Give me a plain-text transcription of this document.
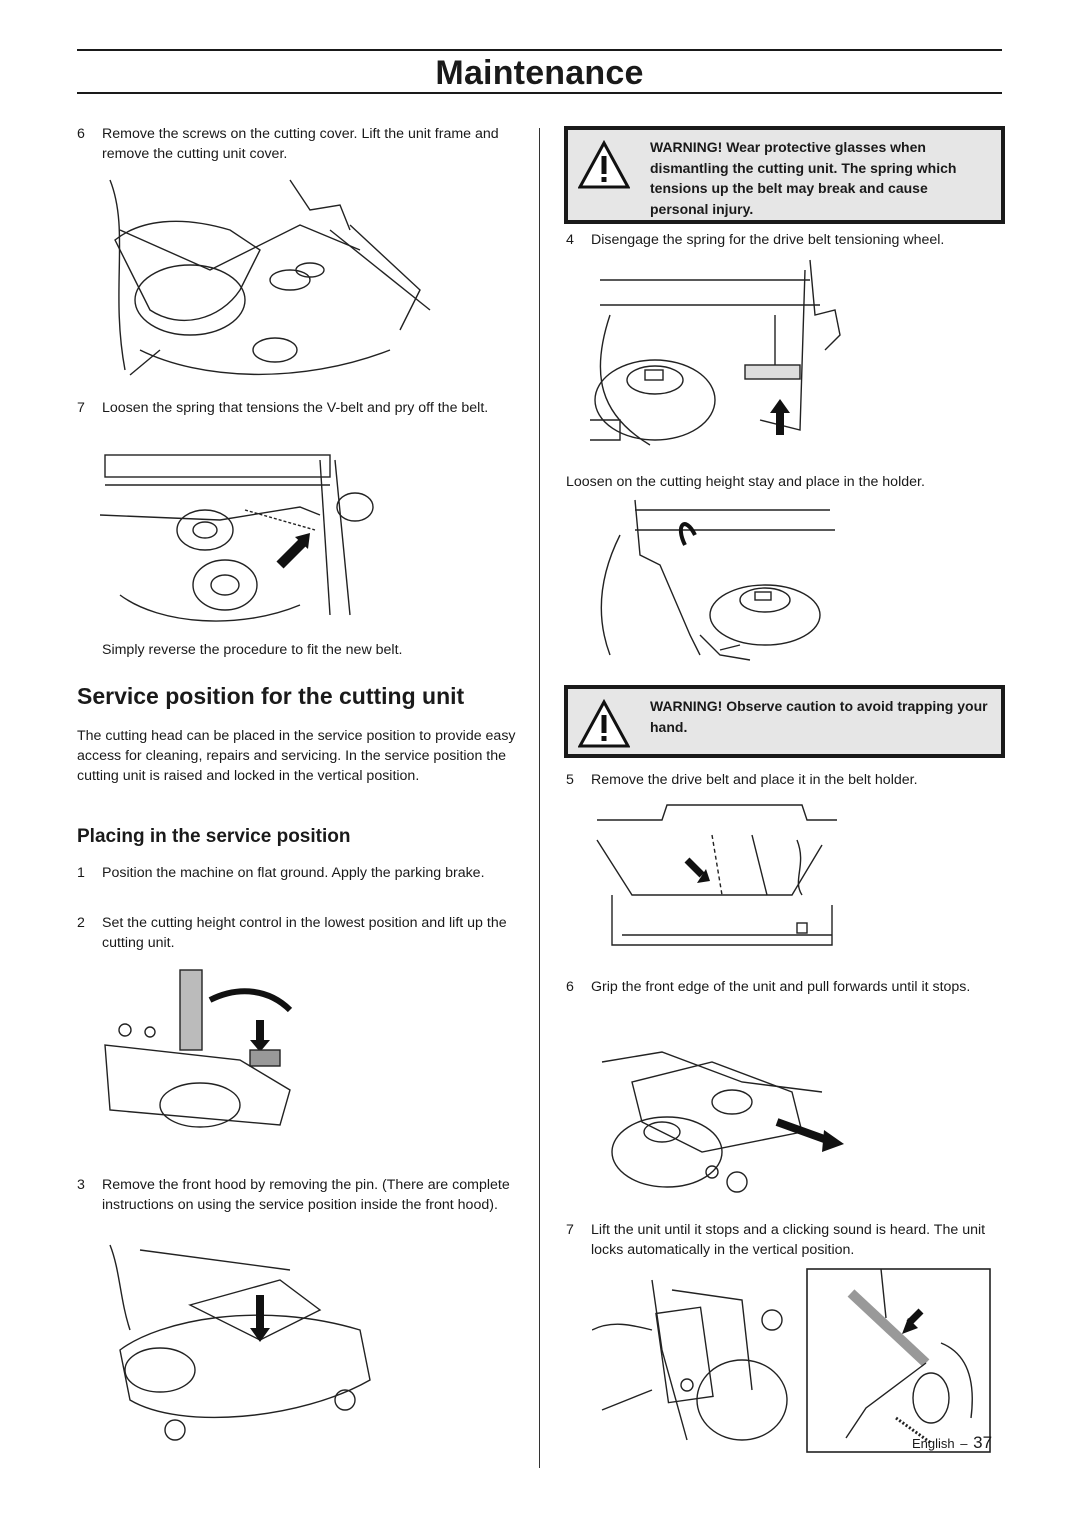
Maintenance
6 Remove the screws on the cutting cover. Lift the unit frame and remove the cutting unit cover.
7 Loosen the spring that tensions the V-belt and pry off the belt.
Simply reverse the procedure to fit the new belt.
Service position for the cutting unit
The cutting head can be placed in the service position to provide easy access for cleaning, repairs and servicing. In the service position the cutting unit is raised and locked in the vertical position.
Placing in the service position
1 Position the machine on flat ground. Apply the parking brake.
2 Set the cutting height control in the lowest position and lift up the cutting unit.
3 Remove the front hood by removing the pin. (There are complete instructions on using the service position inside the front hood).
WARNING! Wear protective glasses when dismantling the cutting unit. The spring which tensions up the belt may break and cause personal injury.
4 Disengage the spring for the drive belt tensioning wheel.
Loosen on the cutting height stay and place in the holder.
WARNING! Observe caution to avoid trapping your hand.
5 Remove the drive belt and place it in the belt holder.
6 Grip the front edge of the unit and pull forwards until it stops.
7 Lift the unit until it stops and a clicking sound is heard. The unit locks automatically in the vertical position.
English – 37
